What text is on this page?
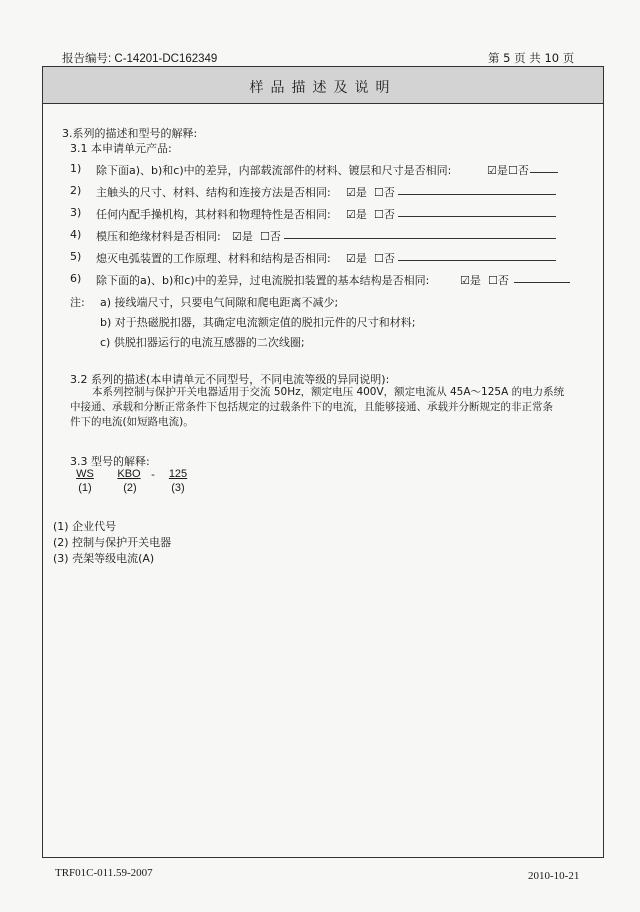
报告编号: C-14201-DC162349	第 5 页 共 10 页
样品描述及说明
3.系列的描述和型号的解释:
3.1 本申请单元产品:
1) 除下面a)、b)和c)中的差异，内部载流部件的材料、镀层和尺寸是否相同:	☑是 ☐否
2) 主触头的尺寸、材料、结构和连接方法是否相同: ☑是 ☐否
3) 任何内配手操机构，其材料和物理特性是否相同: ☑是 ☐否
4) 模压和绝缘材料是否相同: ☑是 ☐否
5) 熄灭电弧装置的工作原理、材料和结构是否相同: ☑是 ☐否
6) 除下面的a)、b)和c)中的差异，过电流脱扣装置的基本结构是否相同:	☑是 ☐否
注: a) 接线端尺寸，只要电气间隙和爬电距离不减少;
b) 对于热磁脱扣器，其确定电流额定值的脱扣元件的尺寸和材料;
c) 供脱扣器运行的电流互感器的二次线圈;
3.2 系列的描述(本申请单元不同型号，不同电流等级的异同说明):
本系列控制与保护开关电器适用于交流 50Hz，额定电压 400V，额定电流从 45A～125A 的电力系统
中接通、承载和分断正常条件下包括规定的过载条件下的电流，且能够接通、承载并分断规定的非正常条
件下的电流(如短路电流)。
3.3 型号的解释:
WS	KBO -	125
(1)	(2)	(3)
(1) 企业代号
(2) 控制与保护开关电器
(3) 壳架等级电流(A)
TRF01C-011.59-2007	2010-10-21
